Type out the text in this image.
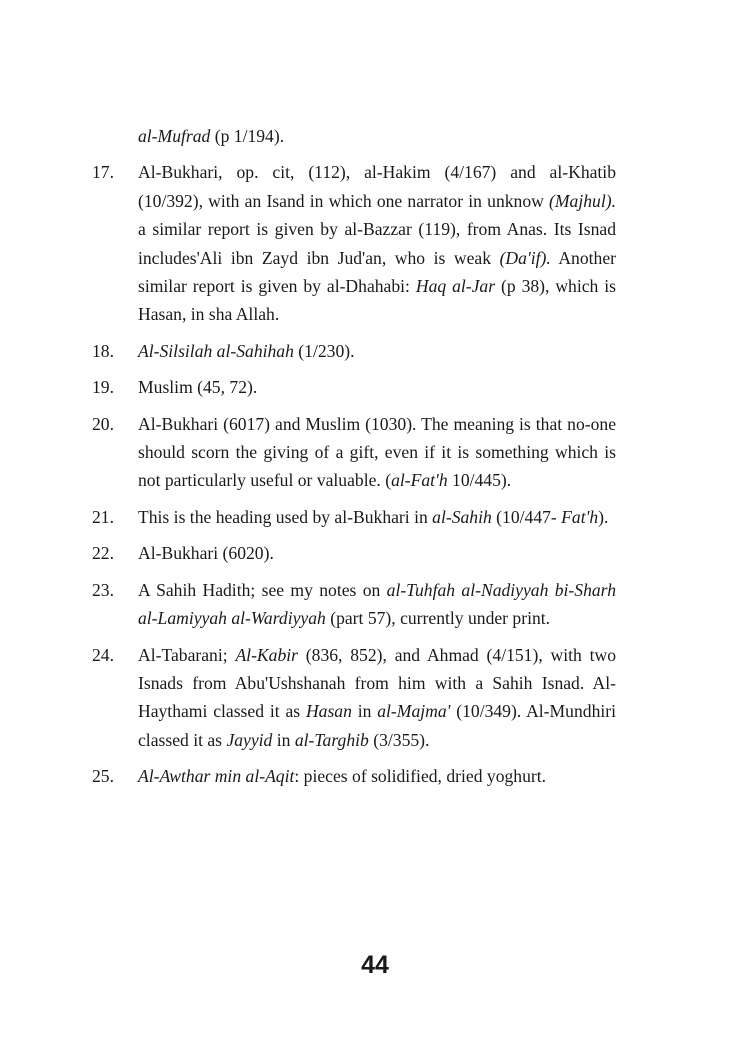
al-Mufrad (p 1/194).
17.	Al-Bukhari, op. cit, (112), al-Hakim (4/167) and al-Khatib (10/392), with an Isand in which one narrator in unknow (Majhul). a similar report is given by al-Bazzar (119), from Anas. Its Isnad includes'Ali ibn Zayd ibn Jud'an, who is weak (Da'if). Another similar report is given by al-Dhahabi: Haq al-Jar (p 38), which is Hasan, in sha Allah.
18.	Al-Silsilah al-Sahihah (1/230).
19.	Muslim (45, 72).
20.	Al-Bukhari (6017) and Muslim (1030). The meaning is that no-one should scorn the giving of a gift, even if it is something which is not particularly useful or valuable. (al-Fat'h 10/445).
21.	This is the heading used by al-Bukhari in al-Sahih (10/447- Fat'h).
22.	Al-Bukhari (6020).
23.	A Sahih Hadith; see my notes on al-Tuhfah al-Nadiyyah bi-Sharh al-Lamiyyah al-Wardiyyah (part 57), currently under print.
24.	Al-Tabarani; Al-Kabir (836, 852), and Ahmad (4/151), with two Isnads from Abu'Ushshanah from him with a Sahih Isnad. Al-Haythami classed it as Hasan in al-Majma' (10/349). Al-Mundhiri classed it as Jayyid in al-Targhib (3/355).
25.	Al-Awthar min al-Aqit: pieces of solidified, dried yoghurt.
44
